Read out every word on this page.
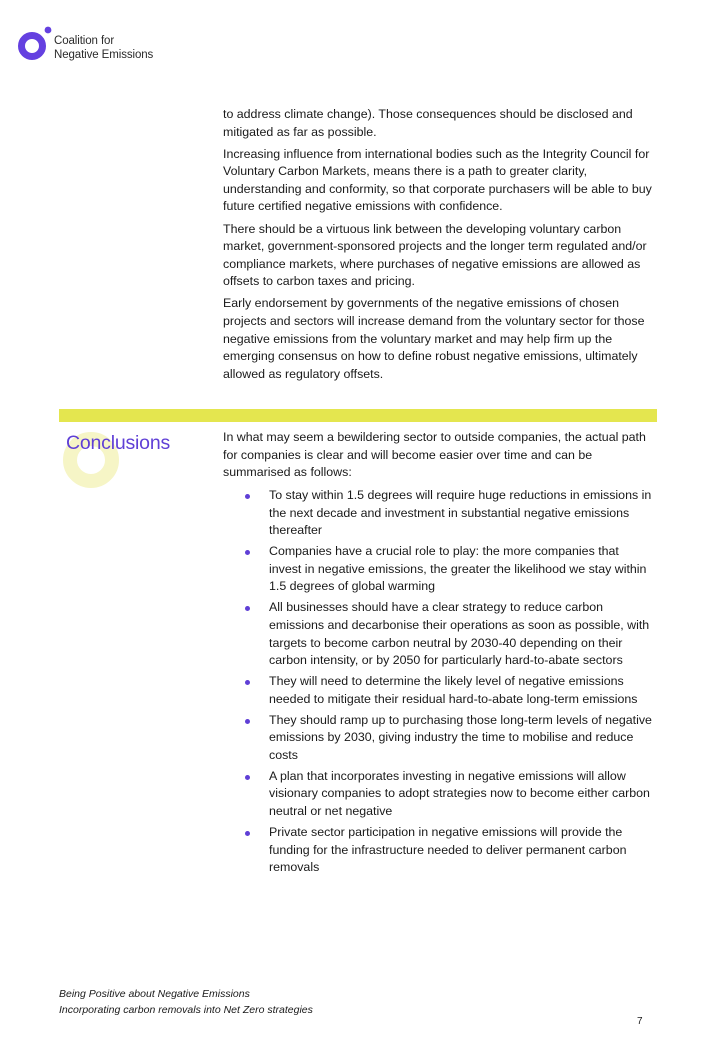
Coalition for
Negative Emissions

to address climate change). Those consequences should be disclosed and mitigated as far as possible.

Increasing influence from international bodies such as the Integrity Council for Voluntary Carbon Markets, means there is a path to greater clarity, understanding and conformity, so that corporate purchasers will be able to buy future certified negative emissions with confidence.

There should be a virtuous link between the developing voluntary carbon market, government-sponsored projects and the longer term regulated and/or compliance markets, where purchases of negative emissions are allowed as offsets to carbon taxes and pricing.

Early endorsement by governments of the negative emissions of chosen projects and sectors will increase demand from the voluntary sector for those negative emissions from the voluntary market and may help firm up the emerging consensus on how to define robust negative emissions, ultimately allowed as regulatory offsets.

Conclusions	In what may seem a bewildering sector to outside companies, the actual path for companies is clear and will become easier over time and can be summarised as follows:

To stay within 1.5 degrees will require huge reductions in emissions in the next decade and investment in substantial negative emissions thereafter
Companies have a crucial role to play: the more companies that invest in negative emissions, the greater the likelihood we stay within 1.5 degrees of global warming
All businesses should have a clear strategy to reduce carbon emissions and decarbonise their operations as soon as possible, with targets to become carbon neutral by 2030-40 depending on their carbon intensity, or by 2050 for particularly hard-to-abate sectors
They will need to determine the likely level of negative emissions needed to mitigate their residual hard-to-abate long-term emissions
They should ramp up to purchasing those long-term levels of negative emissions by 2030, giving industry the time to mobilise and reduce costs
A plan that incorporates investing in negative emissions will allow visionary companies to adopt strategies now to become either carbon neutral or net negative
Private sector participation in negative emissions will provide the funding for the infrastructure needed to deliver permanent carbon removals
Being Positive about Negative Emissions
Incorporating carbon removals into Net Zero strategies
7
